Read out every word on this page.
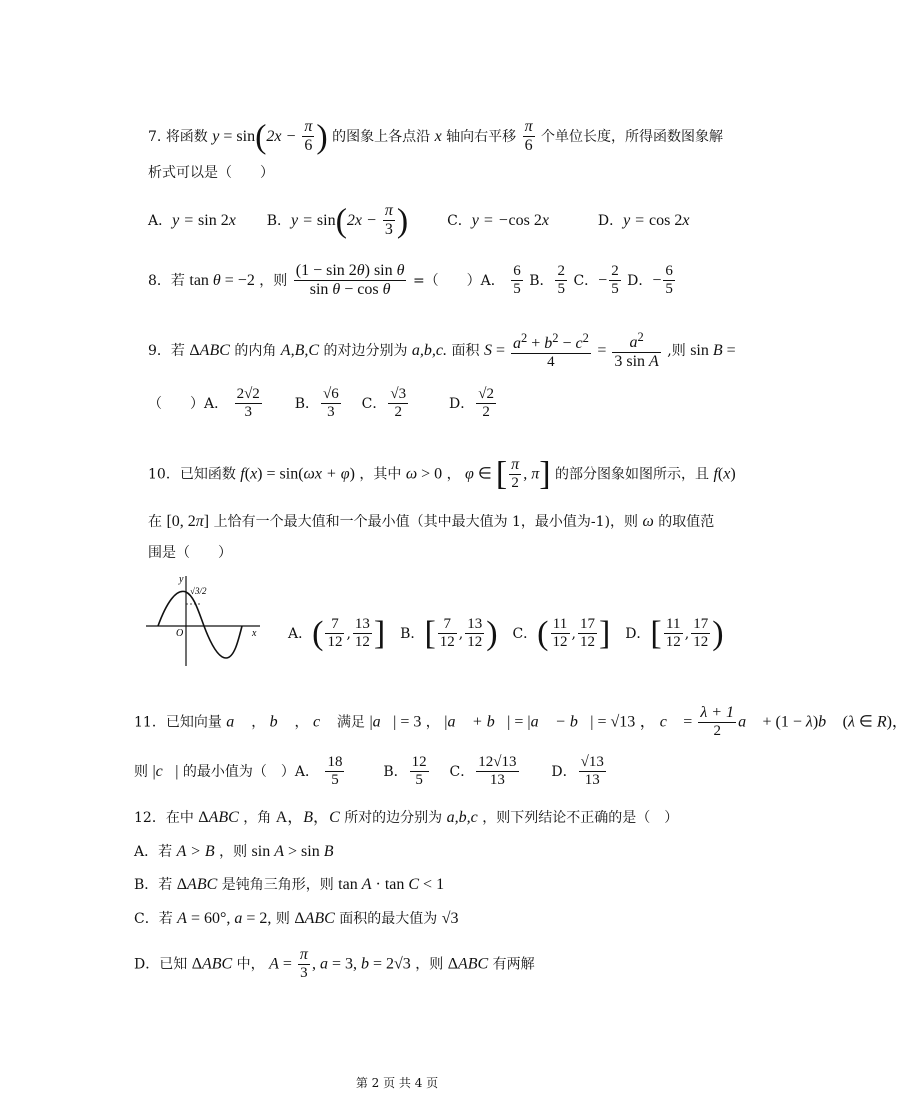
7. 将函数 $y = \sin(2x - \frac{\pi}{6}$ ) 的图象上各点沿 x 轴向右平移 $\frac{\pi}{6}$ 个单位长度，所得函数图象解
析式可以是（　　）
A．y = sin 2x B．$y = \sin(2x - \frac{\pi}{3}$ )	C．y = −cos 2x	D．y = cos 2x
8．若 tan θ = −2 ，则 $\frac{\text{(1 − sin 2θ) sin θ}}{\text{sin θ − cos θ}}$ =（　　）A． $\frac{6}{5}$ B． $\frac{2}{5}$ C．− $\frac{2}{5}$ D．− $\frac{6}{5}$
9．若 ΔABC 的内角 A,B,C 的对边分别为 a,b,c. 面积 $S = \frac{a^2 + b^2 - c^2}{4} = \frac{a^2}{\text{3 sin A}}$ ,则 sin B =
（　　）A． $\frac{2√2}{3}$ B． $\frac{√6}{3}$ C． $\frac{√3}{2}$	D． $\frac{√2}{2}$
10．已知函数 f(x) = sin(ωx + φ) ，其中 ω > 0 ， φ ∈ [ $\frac{\pi}{2}$ , π] 的部分图象如图所示，且 f(x)
在 [0, 2π] 上恰有一个最大值和一个最小值（其中最大值为 1，最小值为-1)，则 ω 的取值范
围是（　　）
√3/2
O	x
y
A．( $\frac{7}{12}$ , $\frac{13}{12}$ ] B．[ $\frac{7}{12}$ , $\frac{13}{12}$ ) C．( $\frac{11}{12}$ , $\frac{17}{12}$ ] D．[ $\frac{11}{12}$ , $\frac{17}{12}$ )
11．已知向量 a⃗ ， b⃗ ， c⃗ 满足 |a⃗| = 3 ， |a⃗ + b⃗| = |a⃗ − b⃗| = √13 ， c⃗ = $\frac{\lambda + 1}{2}$ a⃗ + (1 − λ)b⃗ (λ ∈ R)，
则 |c⃗| 的最小值为（　）A． $\frac{18}{5}$	B． $\frac{12}{5}$ C． $\frac{12√13}{13}$ D． $\frac{√13}{13}$
12．在中 ΔABC ，角 A，B，C 所对的边分别为 a,b,c ，则下列结论不正确的是（　）
A．若 A > B ，则 sin A > sin B
B．若 ΔABC 是钝角三角形，则 tan A · tan C < 1
C．若 A = 60°, a = 2, 则 ΔABC 面积的最大值为 √3
D．已知 ΔABC 中， $A = \frac{\pi}{3}$ , a = 3, b = 2√3 ，则 ΔABC 有两解
第 2 页 共 4 页
